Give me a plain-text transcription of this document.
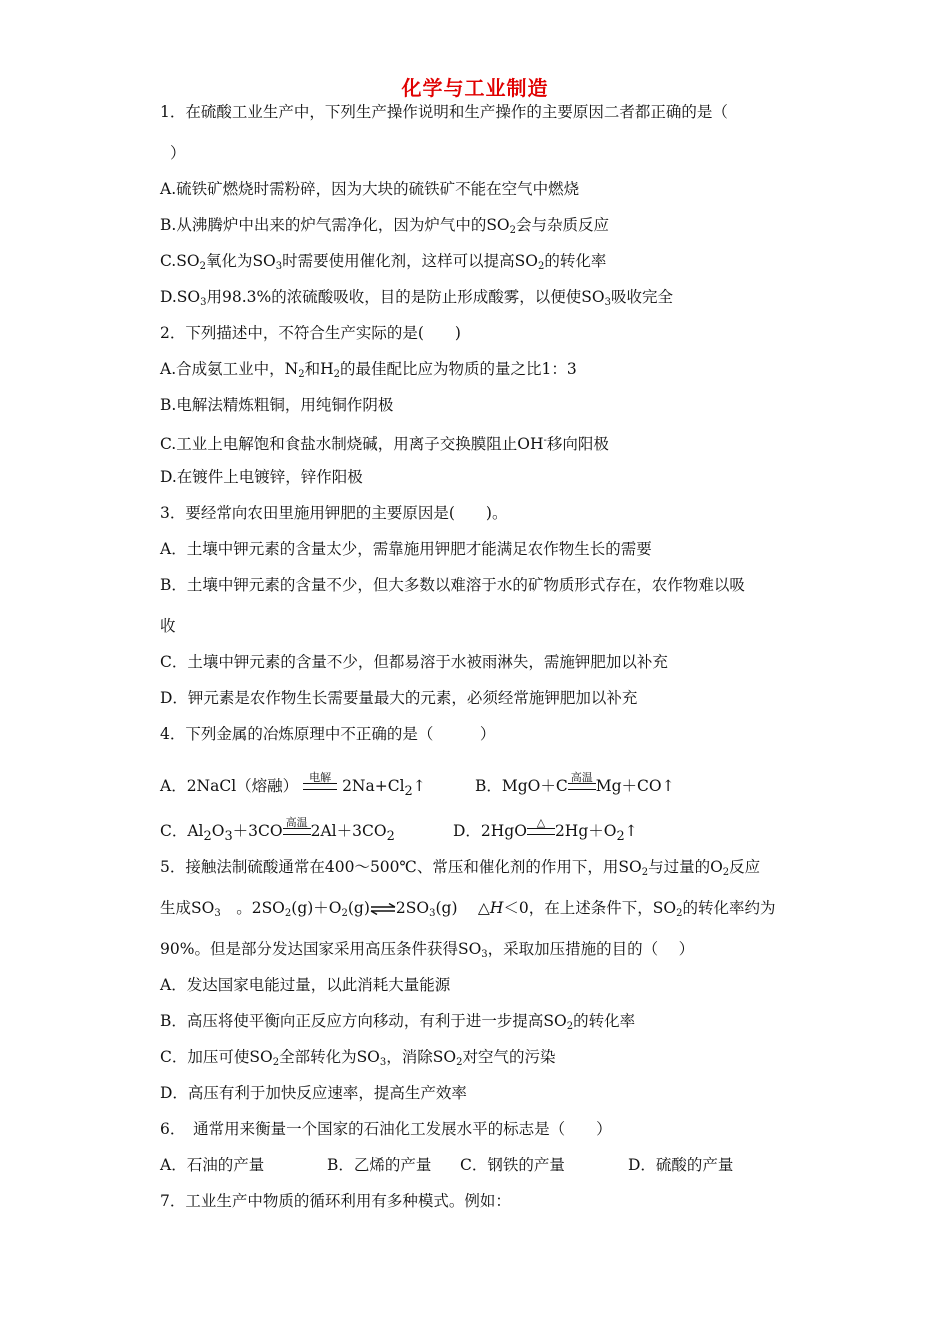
化学与工业制造
1．在硫酸工业生产中，下列生产操作说明和生产操作的主要原因二者都正确的是（
）
A.硫铁矿燃烧时需粉碎，因为大块的硫铁矿不能在空气中燃烧
B.从沸腾炉中出来的炉气需净化，因为炉气中的$SO_2$会与杂质反应
$C.SO_2$氧化为$SO_3$时需要使用催化剂，这样可以提高$SO_2$的转化率
$D.SO_3$用98.3%的浓硫酸吸收，目的是防止形成酸雾，以便使$SO_3$吸收完全
2．下列描述中，不符合生产实际的是(　　)
A.合成氨工业中，$N_2$和$H_2$的最佳配比应为物质的量之比1：3
B.电解法精炼粗铜，用纯铜作阴极
C.工业上电解饱和食盐水制烧碱，用离子交换膜阻止OH-移向阳极
D.在镀件上电镀锌，锌作阳极
3．要经常向农田里施用钾肥的主要原因是(　　)。
A．土壤中钾元素的含量太少，需靠施用钾肥才能满足农作物生长的需要
B．土壤中钾元素的含量不少，但大多数以难溶于水的矿物质形式存在，农作物难以吸
收
C．土壤中钾元素的含量不少，但都易溶于水被雨淋失，需施钾肥加以补充
D．钾元素是农作物生长需要量最大的元素，必须经常施钾肥加以补充
4．下列金属的冶炼原理中不正确的是（　　　）
A．2NaCl（熔融） 电解 $2Na+Cl_2↑$	B．MgO＋C 高温 Mg＋CO↑
C．$Al_2O_3+3CO$ 高温 $2Al+3CO_2$	D．2HgO △ $2Hg+O_2↑$
5．接触法制硫酸通常在400～500℃、常压和催化剂的作用下，用$SO_2$与过量的$O_2$反应
生成$SO_3$　。$2SO_2(g)+O_2(g)\rightleftharpoons 2SO_3(g)$　 △H＜0，在上述条件下，$SO_2$的转化率约为
90%。但是部分发达国家采用高压条件获得$SO_3$，采取加压措施的目的（　 ）
A．发达国家电能过量，以此消耗大量能源
B．高压将使平衡向正反应方向移动，有利于进一步提高$SO_2$的转化率
C．加压可使$SO_2$全部转化为$SO_3$，消除$SO_2$对空气的污染
D．高压有利于加快反应速率，提高生产效率
6．　通常用来衡量一个国家的石油化工发展水平的标志是（　　）
A．石油的产量	B．乙烯的产量 C．钢铁的产量	D．硫酸的产量
7．工业生产中物质的循环利用有多种模式。例如：
